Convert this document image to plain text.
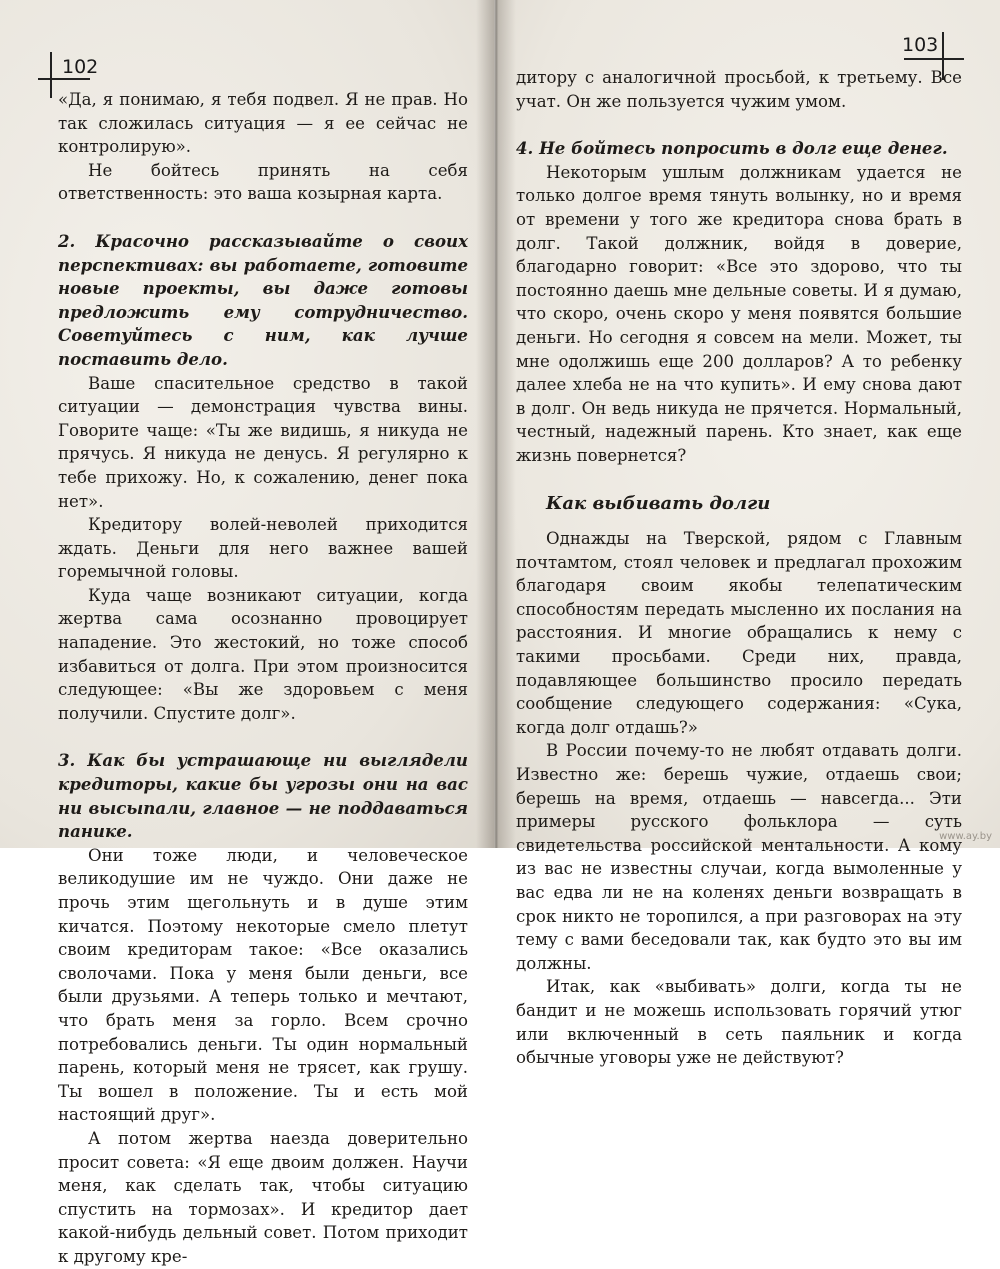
102

«Да, я понимаю, я тебя подвел. Я не прав. Но так сложилась ситуация — я ее сейчас не контролирую».

Не бойтесь принять на себя ответственность: это ваша козырная карта.

2. Красочно рассказывайте о своих перспективах: вы работаете, готовите новые проекты, вы даже готовы предложить ему сотрудничество. Советуйтесь с ним, как лучше поставить дело.

Ваше спасительное средство в такой ситуации — демонстрация чувства вины. Говорите чаще: «Ты же видишь, я никуда не прячусь. Я никуда не денусь. Я регулярно к тебе прихожу. Но, к сожалению, денег пока нет».

Кредитору волей-неволей приходится ждать. Деньги для него важнее вашей горемычной головы.

Куда чаще возникают ситуации, когда жертва сама осознанно провоцирует нападение. Это жестокий, но тоже способ избавиться от долга. При этом произносится следующее: «Вы же здоровьем с меня получили. Спустите долг».

3. Как бы устрашающе ни выглядели кредиторы, какие бы угрозы они на вас ни высыпали, главное — не поддаваться панике.

Они тоже люди, и человеческое великодушие им не чуждо. Они даже не прочь этим щегольнуть и в душе этим кичатся. Поэтому некоторые смело плетут своим кредиторам такое: «Все оказались сволочами. Пока у меня были деньги, все были друзьями. А теперь только и мечтают, что брать меня за горло. Всем срочно потребовались деньги. Ты один нормальный парень, который меня не трясет, как грушу. Ты вошел в положение. Ты и есть мой настоящий друг».

А потом жертва наезда доверительно просит совета: «Я еще двоим должен. Научи меня, как сделать так, чтобы ситуацию спустить на тормозах». И кредитор дает какой-нибудь дельный совет. Потом приходит к другому кре-

103

дитору с аналогичной просьбой, к третьему. Все учат. Он же пользуется чужим умом.

4. Не бойтесь попросить в долг еще денег.

Некоторым ушлым должникам удается не только долгое время тянуть волынку, но и время от времени у того же кредитора снова брать в долг. Такой должник, войдя в доверие, благодарно говорит: «Все это здорово, что ты постоянно даешь мне дельные советы. И я думаю, что скоро, очень скоро у меня появятся большие деньги. Но сегодня я совсем на мели. Может, ты мне одолжишь еще 200 долларов? А то ребенку далее хлеба не на что купить». И ему снова дают в долг. Он ведь никуда не прячется. Нормальный, честный, надежный парень. Кто знает, как еще жизнь повернется?

Как выбивать долги

Однажды на Тверской, рядом с Главным почтамтом, стоял человек и предлагал прохожим благодаря своим якобы телепатическим способностям передать мысленно их послания на расстояния. И многие обращались к нему с такими просьбами. Среди них, правда, подавляющее большинство просило передать сообщение следующего содержания: «Сука, когда долг отдашь?»

В России почему-то не любят отдавать долги. Известно же: берешь чужие, отдаешь свои; берешь на время, отдаешь — навсегда... Эти примеры русского фольклора — суть свидетельства российской ментальности. А кому из вас не известны случаи, когда вымоленные у вас едва ли не на коленях деньги возвращать в срок никто не торопился, а при разговорах на эту тему с вами беседовали так, как будто это вы им должны.

Итак, как «выбивать» долги, когда ты не бандит и не можешь использовать горячий утюг или включенный в сеть паяльник и когда обычные уговоры уже не действуют?

www.ay.by
